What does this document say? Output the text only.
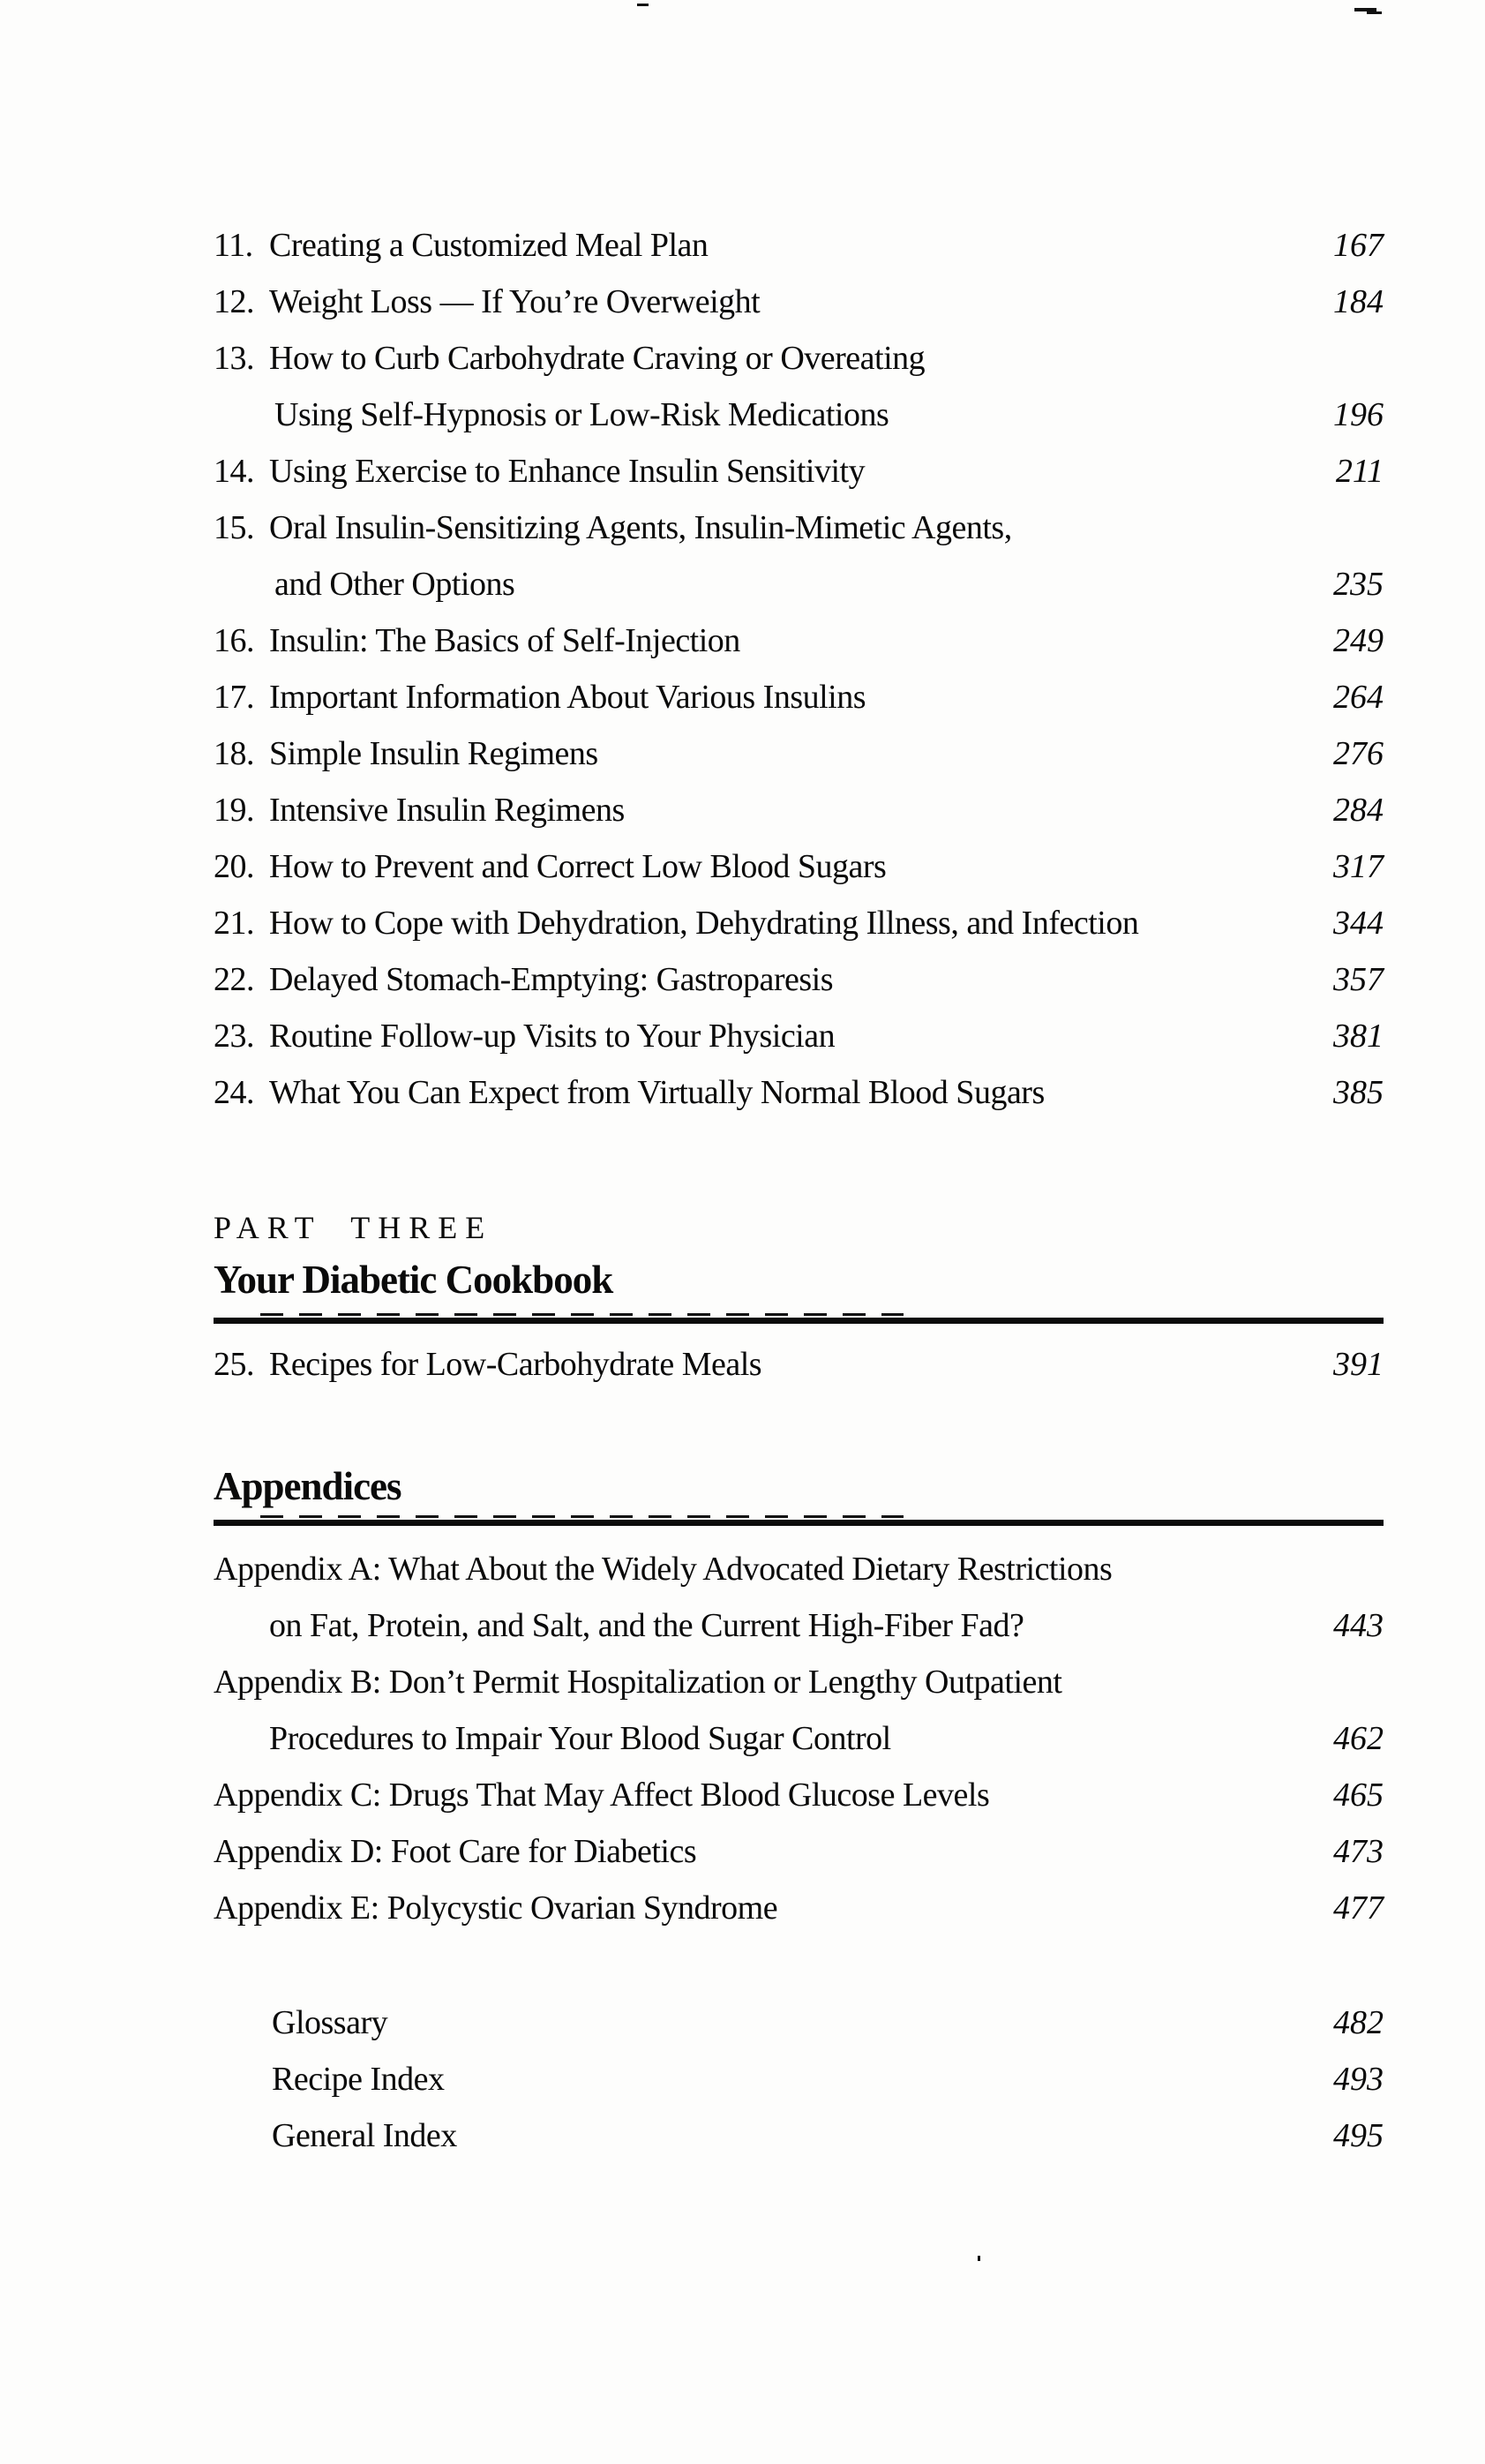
11. Creating a Customized Meal Plan	167
12. Weight Loss — If You’re Overweight	184
13. How to Curb Carbohydrate Craving or Overeating
Using Self-Hypnosis or Low-Risk Medications	196
14. Using Exercise to Enhance Insulin Sensitivity	211
15. Oral Insulin-Sensitizing Agents, Insulin-Mimetic Agents,
and Other Options	235
16. Insulin: The Basics of Self-Injection	249
17. Important Information About Various Insulins	264
18. Simple Insulin Regimens	276
19. Intensive Insulin Regimens	284
20. How to Prevent and Correct Low Blood Sugars	317
21. How to Cope with Dehydration, Dehydrating Illness, and Infection	344
22. Delayed Stomach-Emptying: Gastroparesis	357
23. Routine Follow-up Visits to Your Physician	381
24. What You Can Expect from Virtually Normal Blood Sugars	385
PART THREE
Your Diabetic Cookbook
25. Recipes for Low-Carbohydrate Meals	391
Appendices
Appendix A: What About the Widely Advocated Dietary Restrictions
on Fat, Protein, and Salt, and the Current High-Fiber Fad?	443
Appendix B: Don’t Permit Hospitalization or Lengthy Outpatient
Procedures to Impair Your Blood Sugar Control	462
Appendix C: Drugs That May Affect Blood Glucose Levels	465
Appendix D: Foot Care for Diabetics	473
Appendix E: Polycystic Ovarian Syndrome	477
Glossary	482
Recipe Index	493
General Index	495
